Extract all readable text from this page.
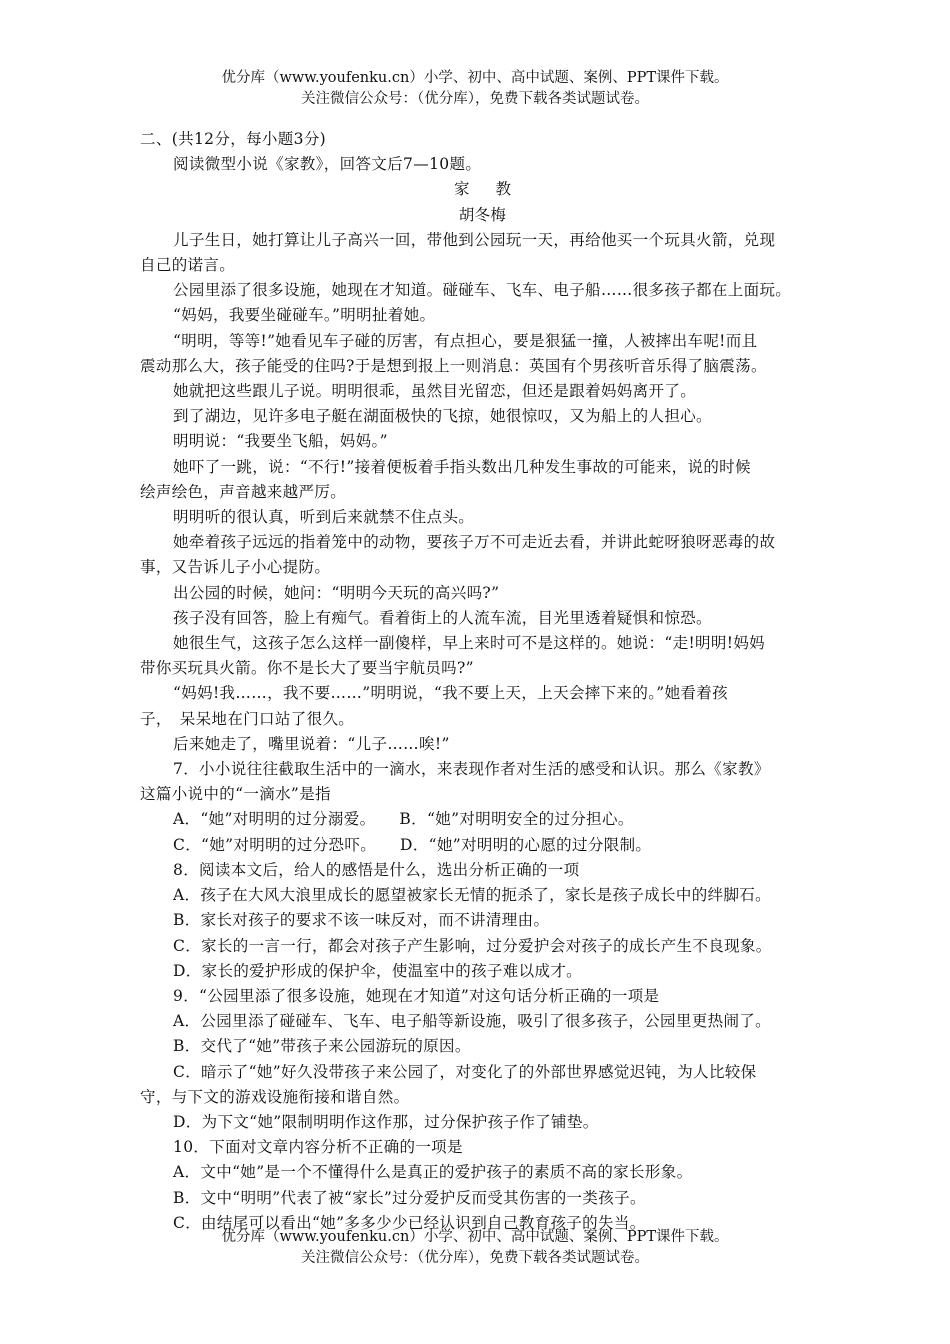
优分库（www.youfenku.cn）小学、初中、高中试题、案例、PPT课件下载。
关注微信公众号：（优分库），免费下载各类试题试卷。
二、(共12分，每小题3分)
阅读微型小说《家教》，回答文后7—10题。
家教
胡冬梅
儿子生日，她打算让儿子高兴一回，带他到公园玩一天，再给他买一个玩具火箭，兑现
自己的诺言。
公园里添了很多设施，她现在才知道。碰碰车、飞车、电子船……很多孩子都在上面玩。
“妈妈，我要坐碰碰车。”明明扯着她。
“明明，等等!”她看见车子碰的厉害，有点担心，要是狠猛一撞，人被摔出车呢!而且
震动那么大，孩子能受的住吗?于是想到报上一则消息：英国有个男孩听音乐得了脑震荡。
她就把这些跟儿子说。明明很乖，虽然目光留恋，但还是跟着妈妈离开了。
到了湖边，见许多电子艇在湖面极快的飞掠，她很惊叹，又为船上的人担心。
明明说：“我要坐飞船，妈妈。”
她吓了一跳，说：“不行!”接着便板着手指头数出几种发生事故的可能来，说的时候
绘声绘色，声音越来越严厉。
明明听的很认真，听到后来就禁不住点头。
她牵着孩子远远的指着笼中的动物，要孩子万不可走近去看，并讲此蛇呀狼呀恶毒的故
事，又告诉儿子小心提防。
出公园的时候，她问：“明明今天玩的高兴吗?”
孩子没有回答，脸上有痴气。看着街上的人流车流，目光里透着疑惧和惊恐。
她很生气，这孩子怎么这样一副傻样，早上来时可不是这样的。她说：“走!明明!妈妈
带你买玩具火箭。你不是长大了要当宇航员吗?”
“妈妈!我……，我不要……”明明说，“我不要上天，上天会摔下来的。”她看着孩
子，　呆呆地在门口站了很久。
后来她走了，嘴里说着：“儿子……唉!”
7．小小说往往截取生活中的一滴水，来表现作者对生活的感受和认识。那么《家教》
这篇小说中的“一滴水”是指
A．“她”对明明的过分溺爱。　　B．“她”对明明安全的过分担心。
C．“她”对明明的过分恐吓。　　D．“她”对明明的心愿的过分限制。
8．阅读本文后，给人的感悟是什么，选出分析正确的一项
A．孩子在大风大浪里成长的愿望被家长无情的扼杀了，家长是孩子成长中的绊脚石。
B．家长对孩子的要求不该一味反对，而不讲清理由。
C．家长的一言一行，都会对孩子产生影响，过分爱护会对孩子的成长产生不良现象。
D．家长的爱护形成的保护伞，使温室中的孩子难以成才。
9．“公园里添了很多设施，她现在才知道”对这句话分析正确的一项是
A．公园里添了碰碰车、飞车、电子船等新设施，吸引了很多孩子，公园里更热闹了。
B．交代了“她”带孩子来公园游玩的原因。
C．暗示了“她”好久没带孩子来公园了，对变化了的外部世界感觉迟钝，为人比较保
守，与下文的游戏设施衔接和谐自然。
D．为下文“她”限制明明作这作那，过分保护孩子作了铺垫。
10．下面对文章内容分析不正确的一项是
A．文中“她”是一个不懂得什么是真正的爱护孩子的素质不高的家长形象。
B．文中“明明”代表了被“家长”过分爱护反而受其伤害的一类孩子。
C．由结尾可以看出“她”多多少少已经认识到自己教育孩子的失当。
优分库（www.youfenku.cn）小学、初中、高中试题、案例、PPT课件下载。
关注微信公众号：（优分库），免费下载各类试题试卷。
